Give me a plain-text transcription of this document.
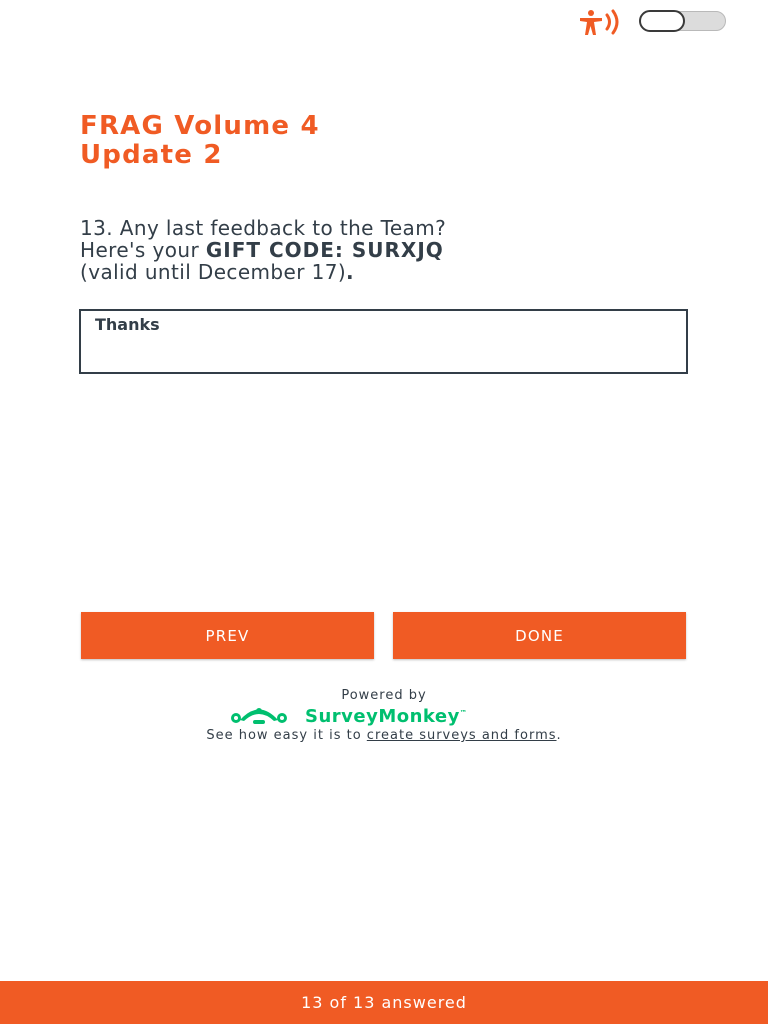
FRAG Volume 4
Update 2

13. Any last feedback to the Team?
Here's your GIFT CODE: SURXJQ
(valid until December 17).

Thanks
PREV	DONE
Powered by
SurveyMonkey™
See how easy it is to create surveys and forms.
13 of 13 answered
